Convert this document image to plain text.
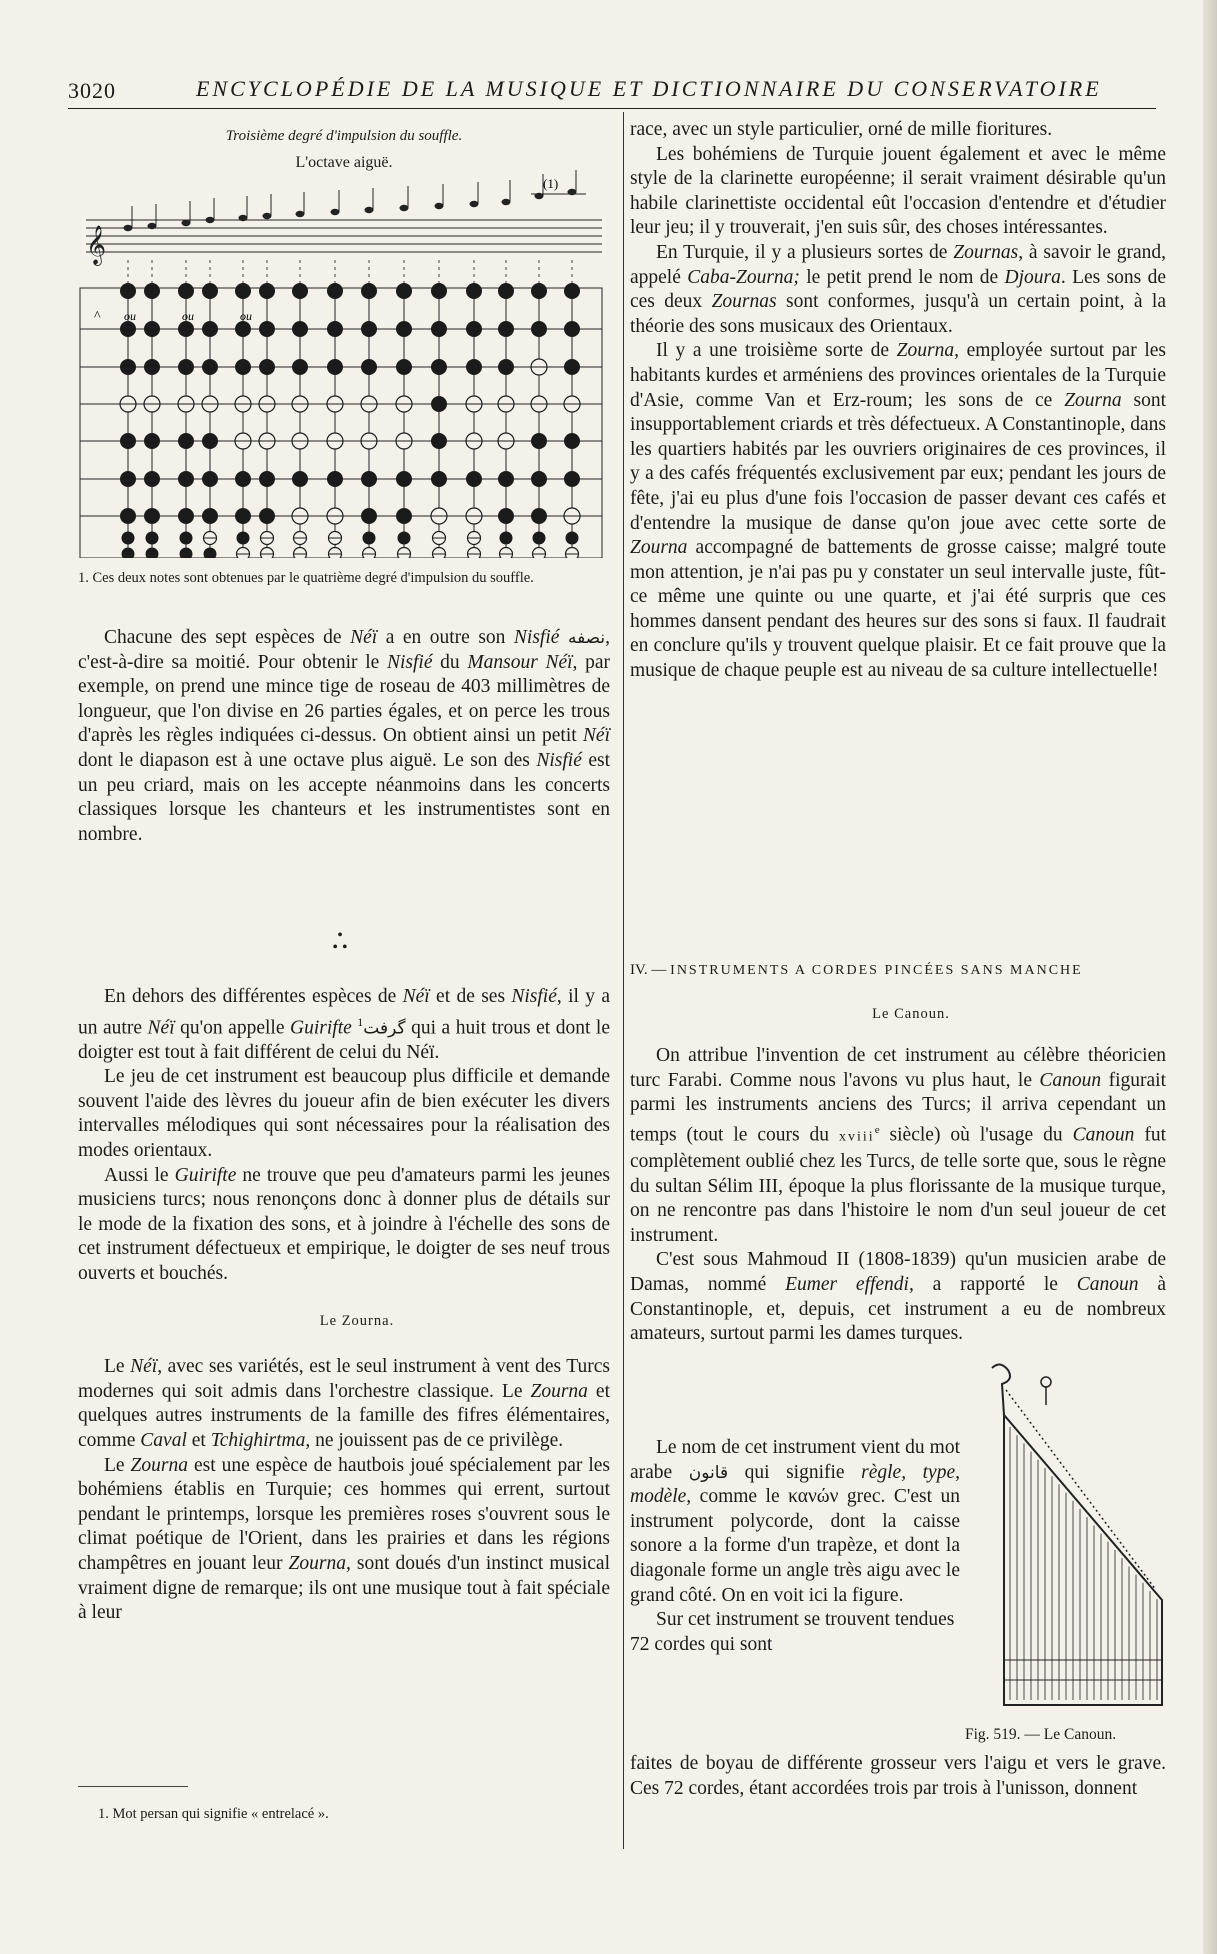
3020	ENCYCLOPÉDIE DE LA MUSIQUE ET DICTIONNAIRE DU CONSERVATOIRE
Troisième degré d'impulsion du souffle.
L'octave aiguë.
𝄞
(1)
ou	ou	ou
^
1. Ces deux notes sont obtenues par le quatrième degré d'impulsion du souffle.

Chacune des sept espèces de Néï a en outre son Nisfié نصفه, c'est-à-dire sa moitié. Pour obtenir le Nisfié du Mansour Néï, par exemple, on prend une mince tige de roseau de 403 millimètres de longueur, que l'on divise en 26 parties égales, et on perce les trous d'après les règles indiquées ci-dessus. On obtient ainsi un petit Néï dont le diapason est à une octave plus aiguë. Le son des Nisfié est un peu criard, mais on les accepte néanmoins dans les concerts classiques lorsque les chanteurs et les instrumentistes sont en nombre.

•
• •

En dehors des différentes espèces de Néï et de ses Nisfié, il y a un autre Néï qu'on appelle Guirifte گرفت$^1$ qui a huit trous et dont le doigter est tout à fait différent de celui du Néï.

Le jeu de cet instrument est beaucoup plus difficile et demande souvent l'aide des lèvres du joueur afin de bien exécuter les divers intervalles mélodiques qui sont nécessaires pour la réalisation des modes orientaux.

Aussi le Guirifte ne trouve que peu d'amateurs parmi les jeunes musiciens turcs; nous renonçons donc à donner plus de détails sur le mode de la fixation des sons, et à joindre à l'échelle des sons de cet instrument défectueux et empirique, le doigter de ses neuf trous ouverts et bouchés.

Le Zourna.

Le Néï, avec ses variétés, est le seul instrument à vent des Turcs modernes qui soit admis dans l'orchestre classique. Le Zourna et quelques autres instruments de la famille des fifres élémentaires, comme Caval et Tchighirtma, ne jouissent pas de ce privilège.

Le Zourna est une espèce de hautbois joué spécialement par les bohémiens établis en Turquie; ces hommes qui errent, surtout pendant le printemps, lorsque les premières roses s'ouvrent sous le climat poétique de l'Orient, dans les prairies et dans les régions champêtres en jouant leur Zourna, sont doués d'un instinct musical vraiment digne de remarque; ils ont une musique tout à fait spéciale à leur

1. Mot persan qui signifie « entrelacé ».

race, avec un style particulier, orné de mille fioritures.

Les bohémiens de Turquie jouent également et avec le même style de la clarinette européenne; il serait vraiment désirable qu'un habile clarinettiste occidental eût l'occasion d'entendre et d'étudier leur jeu; il y trouverait, j'en suis sûr, des choses intéressantes.

En Turquie, il y a plusieurs sortes de Zournas, à savoir le grand, appelé Caba-Zourna; le petit prend le nom de Djoura. Les sons de ces deux Zournas sont conformes, jusqu'à un certain point, à la théorie des sons musicaux des Orientaux.

Il y a une troisième sorte de Zourna, employée surtout par les habitants kurdes et arméniens des provinces orientales de la Turquie d'Asie, comme Van et Erz-roum; les sons de ce Zourna sont insupportablement criards et très défectueux. A Constantinople, dans les quartiers habités par les ouvriers originaires de ces provinces, il y a des cafés fréquentés exclusivement par eux; pendant les jours de fête, j'ai eu plus d'une fois l'occasion de passer devant ces cafés et d'entendre la musique de danse qu'on joue avec cette sorte de Zourna accompagné de battements de grosse caisse; malgré toute mon attention, je n'ai pas pu y constater un seul intervalle juste, fût-ce même une quinte ou une quarte, et j'ai été surpris que ces hommes dansent pendant des heures sur des sons si faux. Il faudrait en conclure qu'ils y trouvent quelque plaisir. Et ce fait prouve que la musique de chaque peuple est au niveau de sa culture intellectuelle!

IV. — INSTRUMENTS A CORDES PINCÉES SANS MANCHE

Le Canoun.

On attribue l'invention de cet instrument au célèbre théoricien turc Farabi. Comme nous l'avons vu plus haut, le Canoun figurait parmi les instruments anciens des Turcs; il arriva cependant un temps (tout le cours du xviii$^e$ siècle) où l'usage du Canoun fut complètement oublié chez les Turcs, de telle sorte que, sous le règne du sultan Sélim III, époque la plus florissante de la musique turque, on ne rencontre pas dans l'histoire le nom d'un seul joueur de cet instrument.

C'est sous Mahmoud II (1808-1839) qu'un musicien arabe de Damas, nommé Eumer effendi, a rapporté le Canoun à Constantinople, et, depuis, cet instrument a eu de nombreux amateurs, surtout parmi les dames turques.

Le nom de cet instrument vient du mot arabe قانون qui signifie règle, type, modèle, comme le κανών grec. C'est un instrument polycorde, dont la caisse sonore a la forme d'un trapèze, et dont la diagonale forme un angle très aigu avec le grand côté. On en voit ici la figure.

Sur cet instrument se trouvent tendues 72 cordes qui sont

faites de boyau de différente grosseur vers l'aigu et vers le grave. Ces 72 cordes, étant accordées trois par trois à l'unisson, donnent

Fig. 519. — Le Canoun.
